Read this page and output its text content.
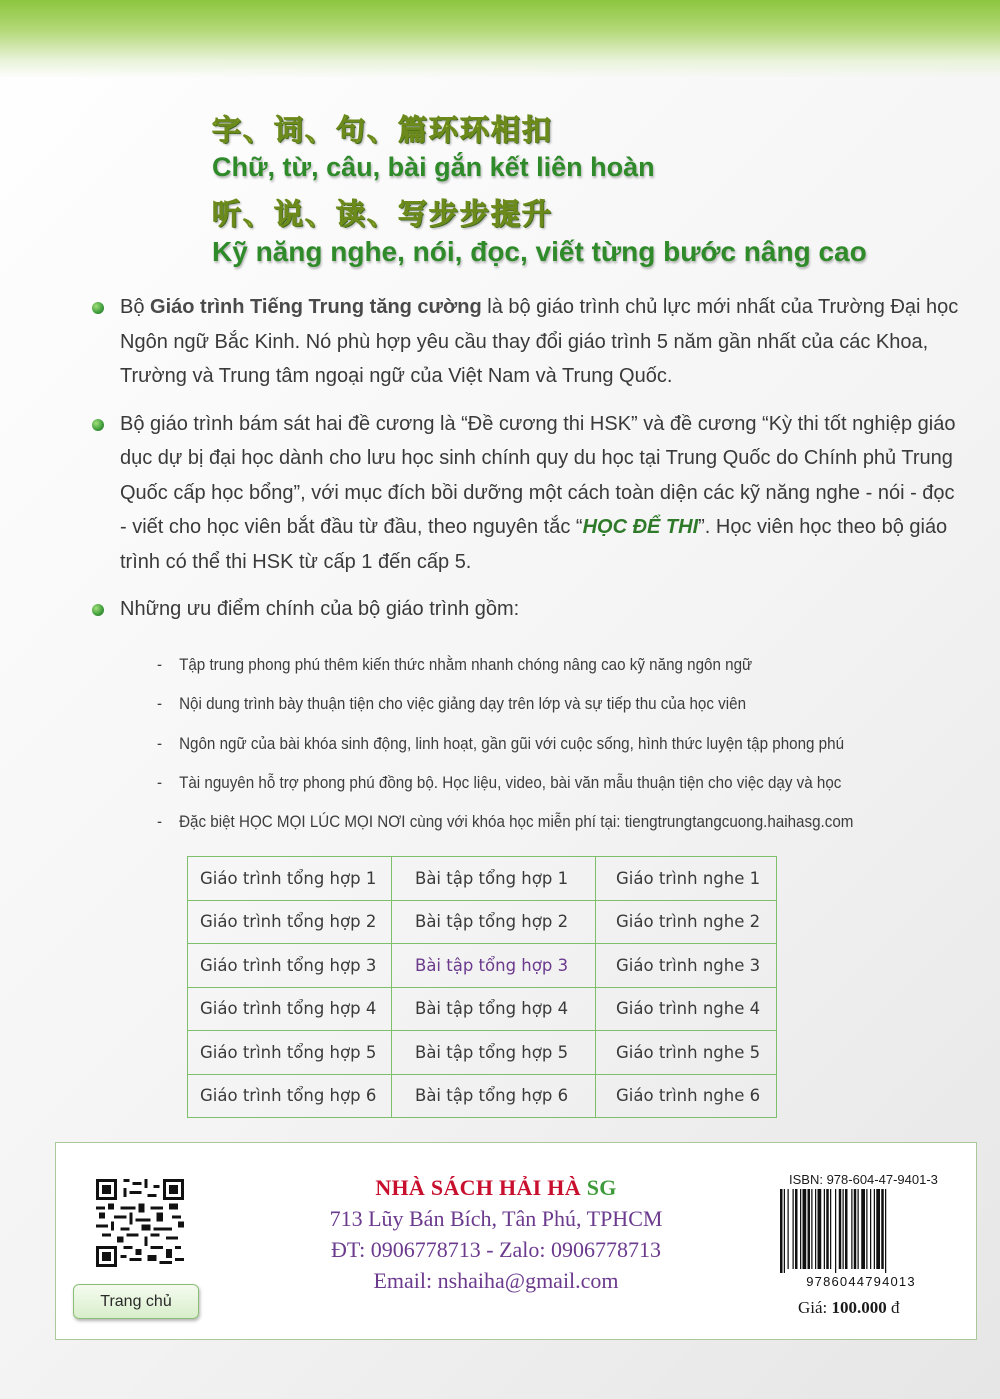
字、词、句、篇环环相扣
Chữ, từ, câu, bài gắn kết liên hoàn
听、说、读、写步步提升
Kỹ năng nghe, nói, đọc, viết từng bước nâng cao
Bộ Giáo trình Tiếng Trung tăng cường là bộ giáo trình chủ lực mới nhất của Trường Đại học Ngôn ngữ Bắc Kinh. Nó phù hợp yêu cầu thay đổi giáo trình 5 năm gần nhất của các Khoa, Trường và Trung tâm ngoại ngữ của Việt Nam và Trung Quốc.
Bộ giáo trình bám sát hai đề cương là “Đề cương thi HSK” và đề cương “Kỳ thi tốt nghiệp giáo dục dự bị đại học dành cho lưu học sinh chính quy du học tại Trung Quốc do Chính phủ Trung Quốc cấp học bổng”, với mục đích bồi dưỡng một cách toàn diện các kỹ năng nghe - nói - đọc - viết cho học viên bắt đầu từ đầu, theo nguyên tắc “HỌC ĐỂ THI”. Học viên học theo bộ giáo trình có thể thi HSK từ cấp 1 đến cấp 5.
Những ưu điểm chính của bộ giáo trình gồm:
-	Tập trung phong phú thêm kiến thức nhằm nhanh chóng nâng cao kỹ năng ngôn ngữ
-	Nội dung trình bày thuận tiện cho việc giảng dạy trên lớp và sự tiếp thu của học viên
-	Ngôn ngữ của bài khóa sinh động, linh hoạt, gần gũi với cuộc sống, hình thức luyện tập phong phú
-	Tài nguyên hỗ trợ phong phú đồng bộ. Học liệu, video, bài văn mẫu thuận tiện cho việc dạy và học
-	Đặc biệt HỌC MỌI LÚC MỌI NƠI cùng với khóa học miễn phí tại: tiengtrungtangcuong.haihasg.com
Giáo trình tổng hợp 1	Bài tập tổng hợp 1	Giáo trình nghe 1
Giáo trình tổng hợp 2	Bài tập tổng hợp 2	Giáo trình nghe 2
Giáo trình tổng hợp 3	Bài tập tổng hợp 3	Giáo trình nghe 3
Giáo trình tổng hợp 4	Bài tập tổng hợp 4	Giáo trình nghe 4
Giáo trình tổng hợp 5	Bài tập tổng hợp 5	Giáo trình nghe 5
Giáo trình tổng hợp 6	Bài tập tổng hợp 6	Giáo trình nghe 6
Trang chủ
NHÀ SÁCH HẢI HÀ SG
713 Lũy Bán Bích, Tân Phú, TPHCM
ĐT: 0906778713 - Zalo: 0906778713
Email: nshaiha@gmail.com
ISBN: 978-604-47-9401-3
9786044794013
Giá: 100.000 đ
